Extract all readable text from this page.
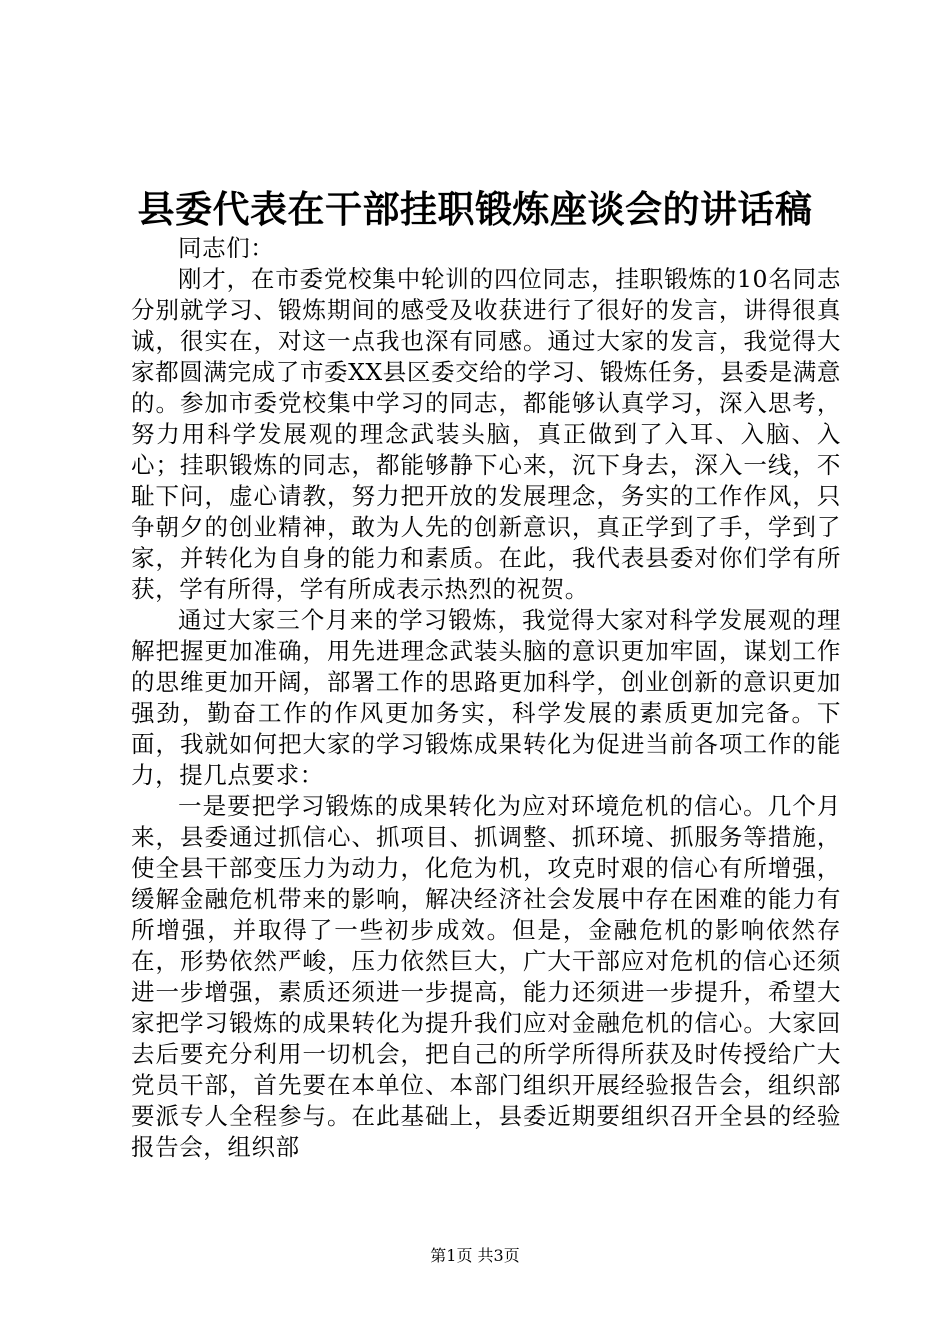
县委代表在干部挂职锻炼座谈会的讲话稿

同志们：

刚才，在市委党校集中轮训的四位同志，挂职锻炼的10名同志分别就学习、锻炼期间的感受及收获进行了很好的发言，讲得很真诚，很实在，对这一点我也深有同感。通过大家的发言，我觉得大家都圆满完成了市委XX县区委交给的学习、锻炼任务，县委是满意的。参加市委党校集中学习的同志，都能够认真学习，深入思考，努力用科学发展观的理念武装头脑，真正做到了入耳、入脑、入心；挂职锻炼的同志，都能够静下心来，沉下身去，深入一线，不耻下问，虚心请教，努力把开放的发展理念，务实的工作作风，只争朝夕的创业精神，敢为人先的创新意识，真正学到了手，学到了家，并转化为自身的能力和素质。在此，我代表县委对你们学有所获，学有所得，学有所成表示热烈的祝贺。

通过大家三个月来的学习锻炼，我觉得大家对科学发展观的理解把握更加准确，用先进理念武装头脑的意识更加牢固，谋划工作的思维更加开阔，部署工作的思路更加科学，创业创新的意识更加强劲，勤奋工作的作风更加务实，科学发展的素质更加完备。下面，我就如何把大家的学习锻炼成果转化为促进当前各项工作的能力，提几点要求：

一是要把学习锻炼的成果转化为应对环境危机的信心。几个月来，县委通过抓信心、抓项目、抓调整、抓环境、抓服务等措施，使全县干部变压力为动力，化危为机，攻克时艰的信心有所增强，缓解金融危机带来的影响，解决经济社会发展中存在困难的能力有所增强，并取得了一些初步成效。但是，金融危机的影响依然存在，形势依然严峻，压力依然巨大，广大干部应对危机的信心还须进一步增强，素质还须进一步提高，能力还须进一步提升，希望大家把学习锻炼的成果转化为提升我们应对金融危机的信心。大家回去后要充分利用一切机会，把自己的所学所得所获及时传授给广大党员干部，首先要在本单位、本部门组织开展经验报告会，组织部要派专人全程参与。在此基础上，县委近期要组织召开全县的经验报告会，组织部

第1页 共3页
